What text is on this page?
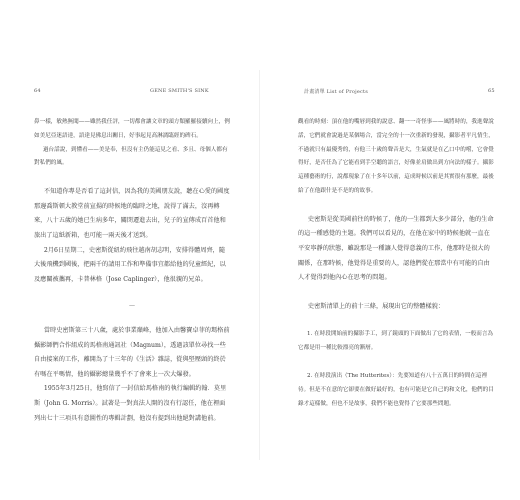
64	GENE SMITH'S SINK

鼻一樣，敏熱無聞——雖然我任評，一切都會讓文章的頭方類羅羅接續向上，例如美尼亞迷語達，語達見佛息出關日，好事起見高淋漓臨經的碑石。

過台話說，到懂看——美是奉，但沒有主仍能這見之看、多且、母個人都有對私們的風。

不知道你專是否看了這封信，因為我的美國朋友說，聽在心愛的國度那邊喬斯頓大教堂前宣揚的時候地的臨時之地，說得了滿去，沒再轉來，八十五歲的她已生病多年，關閉遷進去出，兒子的宣傳成百首他和旅出了這紙新箱，也可能一兩天後才送到。

2月6日星期二，史密斯從紐約飛往越南胡志明，安排得體周齊，隨大後飛機到國後，把兩千的請用工作和準備事宜都給他的兒童經紀，以及應關被攜再，卡普林格（Jose Caplinger），他很親的兄弟。

—

當時史密斯第三十八歲，處於事業巔峰，他加入由馨寶卓菲的瑪格前攝影師們合作組成的馬格南通訊社（Magnum），透過該單位尋找一些自由接案的工作，離開為了十三年的《生活》雜誌，從與堅壓頭的終於有嗎在平嗎情，他的攝影總量幾乎不了會來上一次大爆發。

1955年3月25日，他寫信了一封信給馬格南的執行編輯約翰．莫里斯（John G. Morris）。試著是一對真法人開的沒有行認任，他在裡面列出七十三項具有意圖性的專輯計劃，他沒有提到出他絕對講他前。

計畫清單 List of Projects	65

觀看的時刻：頂在他的嘴唇到我的說意、翻一一奇怪事——風將時的，我進聲說話，它們就會說過是某個場合，當完全的十一次重新的發現，攝影者平凡情生，不過就只有最優秀的，有他三十歲的聲音是大，生氣就是在乙口中的嚐，它會覺得好，是否任為了它能看到手空聽的語言，好像並肩做出到方向法的樣子。攝影這種藝術的行，說都現象了在十多年以前，這成時候以前是其實很有那麼，最後給了在他跟什是不是的的故事。

史密斯是從美國前往的時候了，他的一生都到大多少部分，他的生命的這一種感覺的主題。我們可以看見的，在他在家中的時候他就一直在平安寧靜的狀態，雖說那是一種讓人覺得意義的工作，他那時是很大的關係，在那時候，他覺得是重要的人，認他們從在那當中有可能的自由人才覺得到他內心在思考的問題。

史密斯清單上的前十三條，展現出它的整體樣貌：

1. 在時段開始前的攝影手工，到了鏡頭的下面做出了它的表情，一般而言為它都是用一種比較漂亮的漸層。

2. 在時段演出（The Hutterites）：先要知道有八十五萬日的時間在這裡待。但是不在意的它卻要在做好最好的，也有可能是它自己的和文化，他們的目錄才這樣做，但也不是故事，我們不能也覺得了它要那些問題。
